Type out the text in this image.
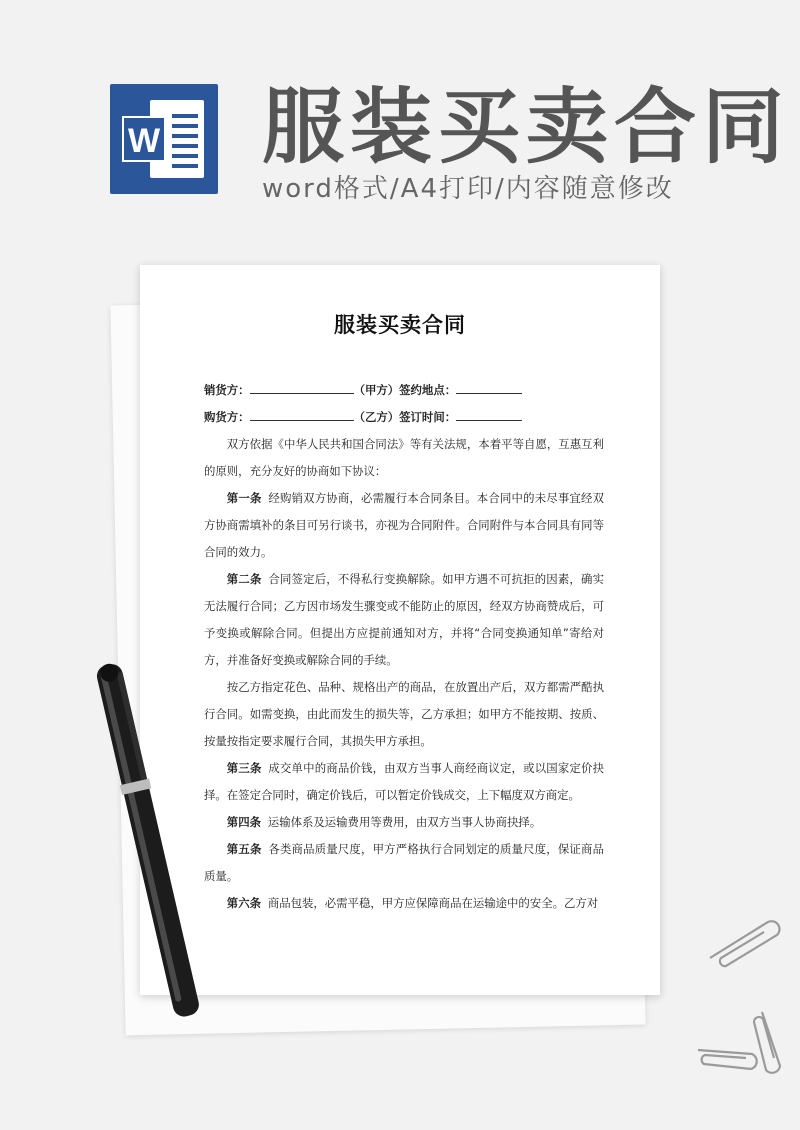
W 服装买卖合同
word格式/A4打印/内容随意修改
服装买卖合同

销货方：	（甲方）签约地点：

购货方：	（乙方）签订时间：

双方依据《中华人民共和国合同法》等有关法规，本着平等自愿，互惠互利的原则，充分友好的协商如下协议：

第一条 经购销双方协商，必需履行本合同条目。本合同中的未尽事宜经双方协商需填补的条目可另行谈书，亦视为合同附件。合同附件与本合同具有同等合同的效力。

第二条 合同签定后，不得私行变换解除。如甲方遇不可抗拒的因素，确实无法履行合同；乙方因市场发生骤变或不能防止的原因，经双方协商赞成后，可予变换或解除合同。但提出方应提前通知对方，并将“合同变换通知单”寄给对方，并准备好变换或解除合同的手续。

按乙方指定花色、品种、规格出产的商品，在放置出产后，双方都需严酷执行合同。如需变换，由此而发生的损失等，乙方承担；如甲方不能按期、按质、按量按指定要求履行合同，其损失甲方承担。

第三条 成交单中的商品价钱，由双方当事人商经商议定，或以国家定价抉择。在签定合同时，确定价钱后，可以暂定价钱成交，上下幅度双方商定。

第四条 运输体系及运输费用等费用，由双方当事人协商抉择。

第五条 各类商品质量尺度，甲方严格执行合同划定的质量尺度，保证商品质量。

第六条 商品包装，必需平稳，甲方应保障商品在运输途中的安全。乙方对
